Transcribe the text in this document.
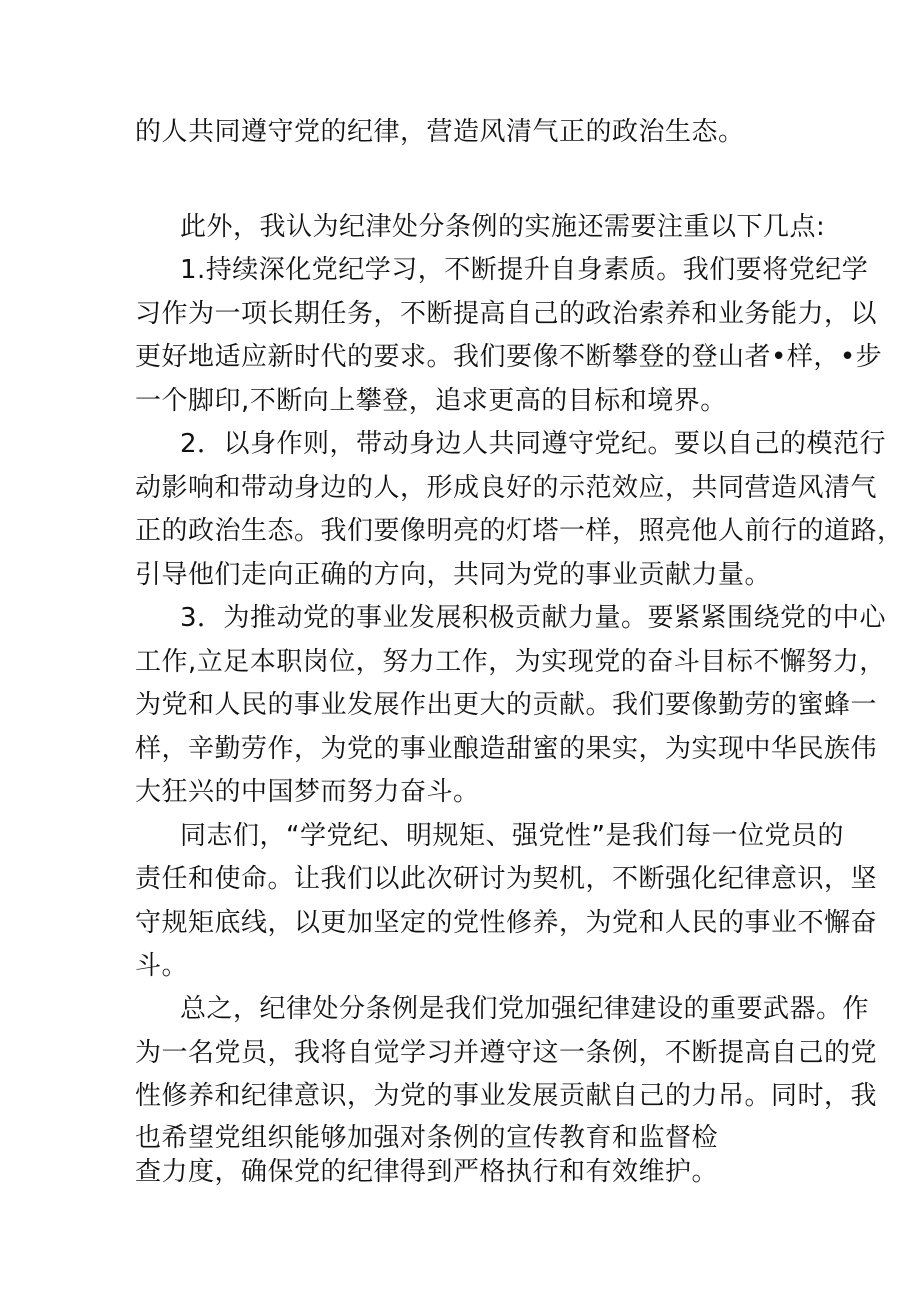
的人共同遵守党的纪律，营造风清气正的政治生态。
此外，我认为纪津处分条例的实施还需要注重以下几点:
1.持续深化党纪学习，不断提升自身素质。我们要将党纪学
习作为一项长期任务，不断提高自己的政治索养和业务能力，以
更好地适应新时代的要求。我们要像不断攀登的登山者•样，•步
一个脚印,不断向上攀登，追求更高的目标和境界。
2．以身作则，带动身边人共同遵守党纪。要以自己的模范行
动影响和带动身边的人，形成良好的示范效应，共同营造风清气
正的政治生态。我们要像明亮的灯塔一样，照亮他人前行的道路，
引导他们走向正确的方向，共同为党的事业贡献力量。
3．为推动党的事业发展积极贡献力量。要紧紧围绕党的中心
工作,立足本职岗位，努力工作，为实现党的奋斗目标不懈努力，
为党和人民的事业发展作出更大的贡献。我们要像勤劳的蜜蜂一
样，辛勤劳作，为党的事业酿造甜蜜的果实，为实现中华民族伟
大狂兴的中国梦而努力奋斗。
同志们，“学党纪、明规矩、强党性”是我们每一位党员的
责任和使命。让我们以此次研讨为契机，不断强化纪律意识，坚
守规矩底线，以更加坚定的党性修养，为党和人民的事业不懈奋
斗。
总之，纪律处分条例是我们党加强纪律建设的重要武器。作
为一名党员，我将自觉学习并遵守这一条例，不断提高自己的党
性修养和纪律意识，为党的事业发展贡献自己的力吊。同时，我
也希望党组织能够加强对条例的宣传教育和监督检
查力度，确保党的纪律得到严格执行和有效维护。
